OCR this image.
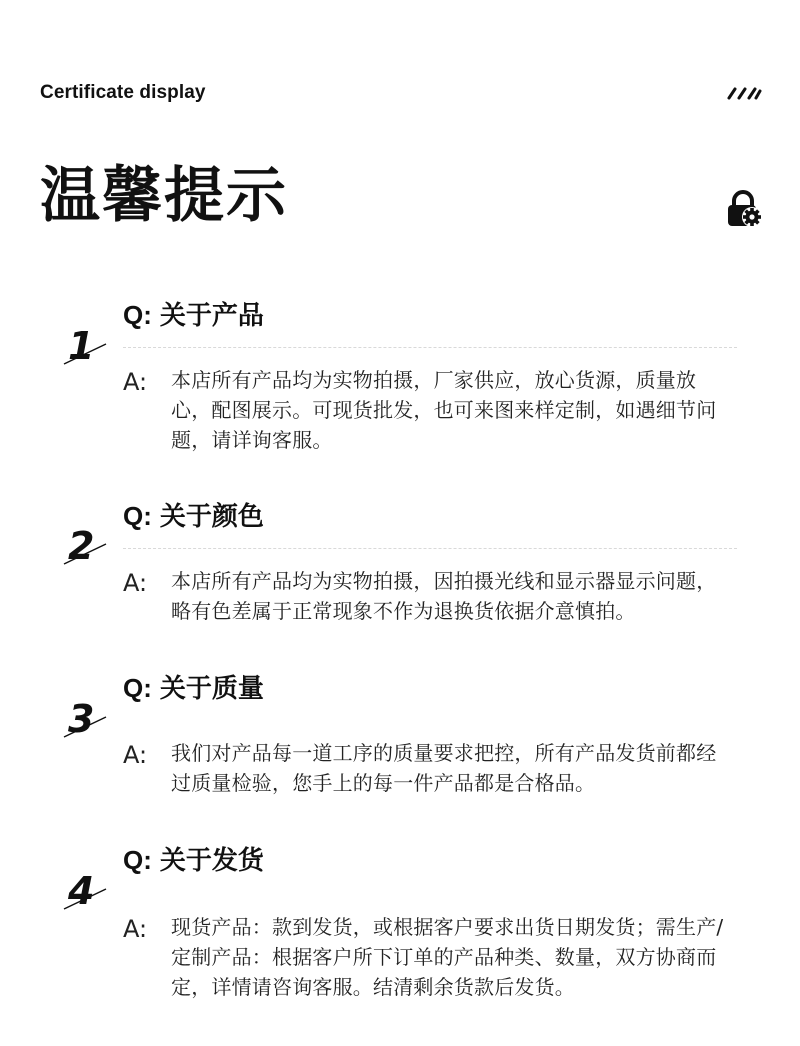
Certificate display
温馨提示
1
Q: 关于产品
A: 本店所有产品均为实物拍摄，厂家供应，放心货源，质量放心，配图展示。可现货批发，也可来图来样定制，如遇细节问题，请详询客服。
2
Q: 关于颜色
A: 本店所有产品均为实物拍摄，因拍摄光线和显示器显示问题，略有色差属于正常现象不作为退换货依据介意慎拍。
3
Q: 关于质量
A: 我们对产品每一道工序的质量要求把控，所有产品发货前都经过质量检验，您手上的每一件产品都是合格品。
4
Q: 关于发货
A: 现货产品：款到发货，或根据客户要求出货日期发货；需生产/定制产品：根据客户所下订单的产品种类、数量，双方协商而定，详情请咨询客服。结清剩余货款后发货。
